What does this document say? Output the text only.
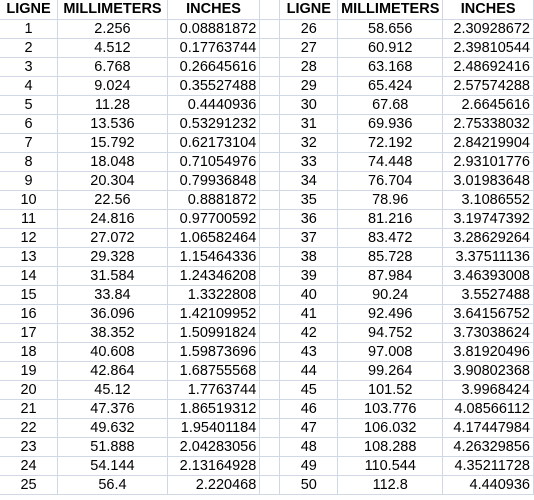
LIGNE	MILLIMETERS	INCHES		LIGNE	MILLIMETERS	INCHES
1	2.256	0.08881872		26	58.656	2.30928672
2	4.512	0.17763744		27	60.912	2.39810544
3	6.768	0.26645616		28	63.168	2.48692416
4	9.024	0.35527488		29	65.424	2.57574288
5	11.28	0.4440936		30	67.68	2.6645616
6	13.536	0.53291232		31	69.936	2.75338032
7	15.792	0.62173104		32	72.192	2.84219904
8	18.048	0.71054976		33	74.448	2.93101776
9	20.304	0.79936848		34	76.704	3.01983648
10	22.56	0.8881872		35	78.96	3.1086552
11	24.816	0.97700592		36	81.216	3.19747392
12	27.072	1.06582464		37	83.472	3.28629264
13	29.328	1.15464336		38	85.728	3.37511136
14	31.584	1.24346208		39	87.984	3.46393008
15	33.84	1.3322808		40	90.24	3.5527488
16	36.096	1.42109952		41	92.496	3.64156752
17	38.352	1.50991824		42	94.752	3.73038624
18	40.608	1.59873696		43	97.008	3.81920496
19	42.864	1.68755568		44	99.264	3.90802368
20	45.12	1.7763744		45	101.52	3.9968424
21	47.376	1.86519312		46	103.776	4.08566112
22	49.632	1.95401184		47	106.032	4.17447984
23	51.888	2.04283056		48	108.288	4.26329856
24	54.144	2.13164928		49	110.544	4.35211728
25	56.4	2.220468		50	112.8	4.440936
